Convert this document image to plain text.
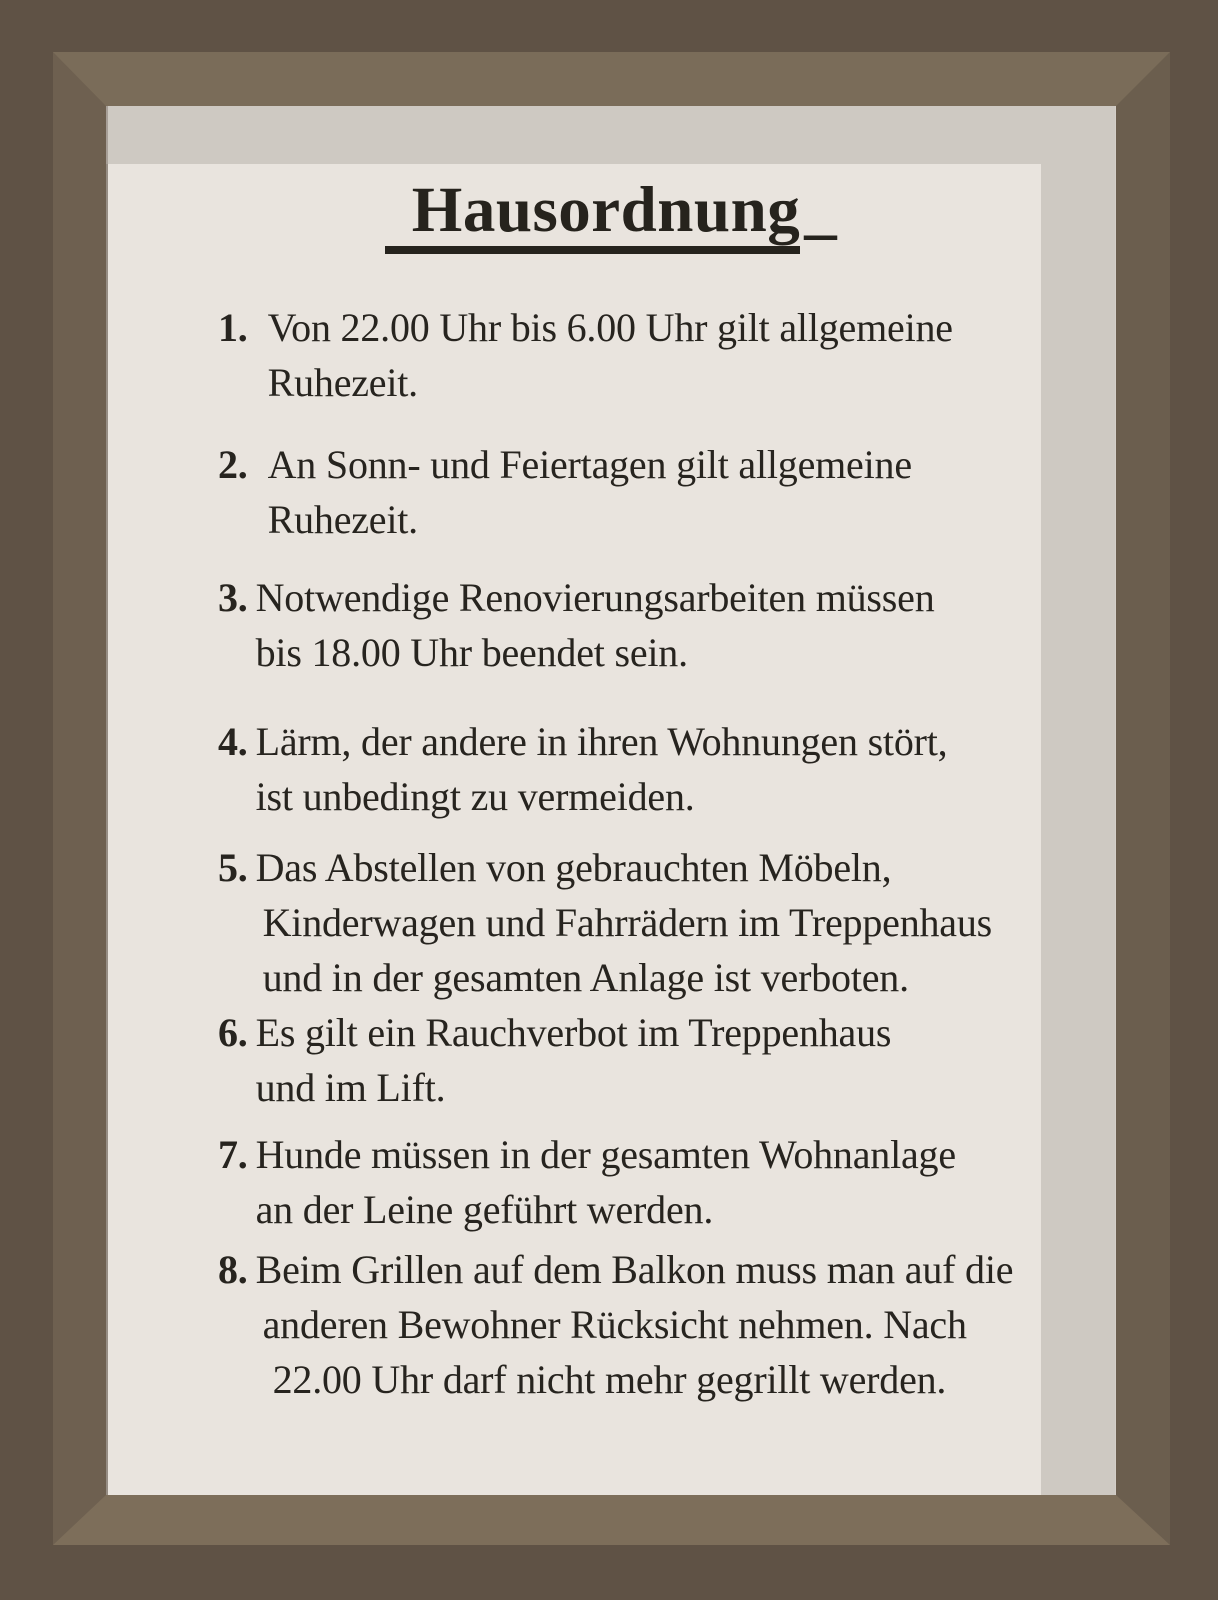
Hausordnung_
1. Von 22.00 Uhr bis 6.00 Uhr gilt allgemeine
Ruhezeit.
2. An Sonn- und Feiertagen gilt allgemeine
Ruhezeit.
3. Notwendige Renovierungsarbeiten müssen
bis 18.00 Uhr beendet sein.
4. Lärm, der andere in ihren Wohnungen stört,
ist unbedingt zu vermeiden.
5. Das Abstellen von gebrauchten Möbeln,
Kinderwagen und Fahrrädern im Treppenhaus
und in der gesamten Anlage ist verboten.
6. Es gilt ein Rauchverbot im Treppenhaus
und im Lift.
7. Hunde müssen in der gesamten Wohnanlage
an der Leine geführt werden.
8. Beim Grillen auf dem Balkon muss man auf die
anderen Bewohner Rücksicht nehmen. Nach
22.00 Uhr darf nicht mehr gegrillt werden.
